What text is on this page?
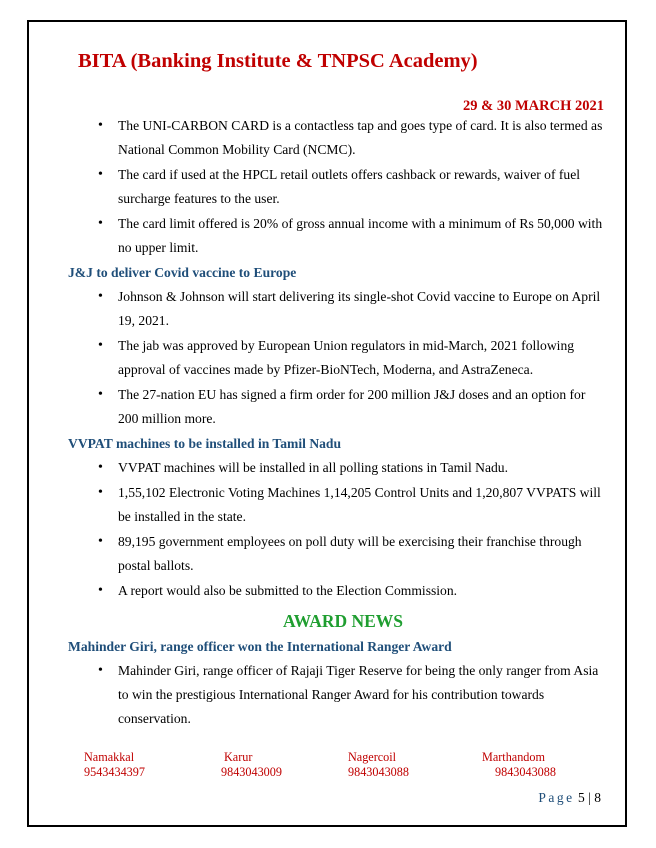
BITA (Banking Institute & TNPSC Academy)
29 & 30 MARCH 2021
• The UNI-CARBON CARD is a contactless tap and goes type of card. It is also termed as National Common Mobility Card (NCMC).
• The card if used at the HPCL retail outlets offers cashback or rewards, waiver of fuel surcharge features to the user.
• The card limit offered is 20% of gross annual income with a minimum of Rs 50,000 with no upper limit.
J&J to deliver Covid vaccine to Europe
• Johnson & Johnson will start delivering its single-shot Covid vaccine to Europe on April 19, 2021.
• The jab was approved by European Union regulators in mid-March, 2021 following approval of vaccines made by Pfizer-BioNTech, Moderna, and AstraZeneca.
• The 27-nation EU has signed a firm order for 200 million J&J doses and an option for 200 million more.
VVPAT machines to be installed in Tamil Nadu
• VVPAT machines will be installed in all polling stations in Tamil Nadu.
• 1,55,102 Electronic Voting Machines 1,14,205 Control Units and 1,20,807 VVPATS will be installed in the state.
• 89,195 government employees on poll duty will be exercising their franchise through postal ballots.
• A report would also be submitted to the Election Commission.
AWARD NEWS
Mahinder Giri, range officer won the International Ranger Award
• Mahinder Giri, range officer of Rajaji Tiger Reserve for being the only ranger from Asia to win the prestigious International Ranger Award for his contribution towards conservation.
Namakkal
9543434397
Karur
9843043009
Nagercoil
9843043088
Marthandom
9843043088
Page 5 | 8
